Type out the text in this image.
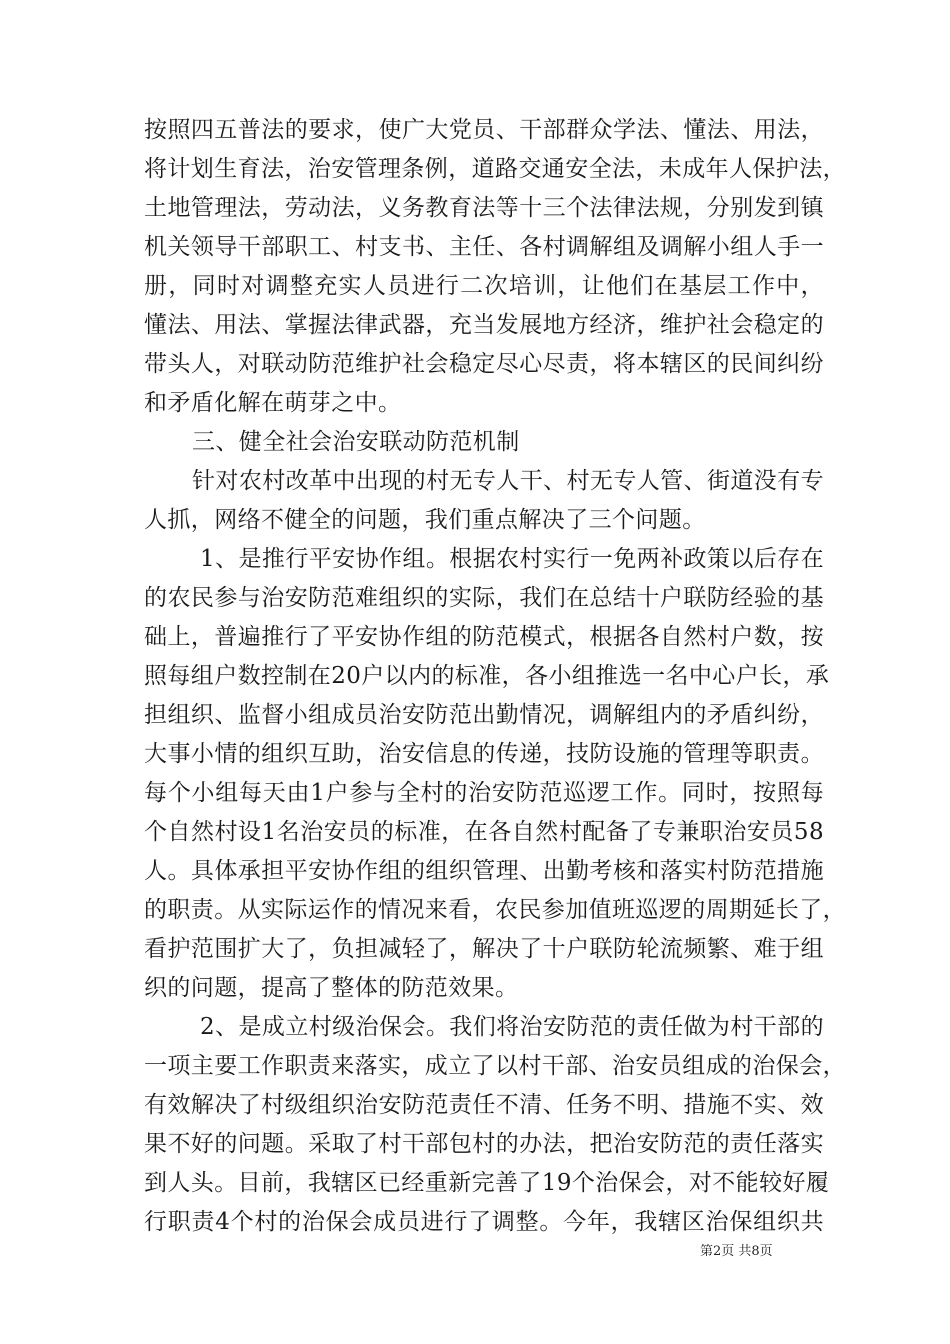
按照四五普法的要求，使广大党员、干部群众学法、懂法、用法，
将计划生育法，治安管理条例，道路交通安全法，未成年人保护法，
土地管理法，劳动法，义务教育法等十三个法律法规，分别发到镇
机关领导干部职工、村支书、主任、各村调解组及调解小组人手一
册，同时对调整充实人员进行二次培训，让他们在基层工作中，
懂法、用法、掌握法律武器，充当发展地方经济，维护社会稳定的
带头人，对联动防范维护社会稳定尽心尽责，将本辖区的民间纠纷
和矛盾化解在萌芽之中。
三、健全社会治安联动防范机制
针对农村改革中出现的村无专人干、村无专人管、街道没有专
人抓，网络不健全的问题，我们重点解决了三个问题。
1、是推行平安协作组。根据农村实行一免两补政策以后存在
的农民参与治安防范难组织的实际，我们在总结十户联防经验的基
础上，普遍推行了平安协作组的防范模式，根据各自然村户数，按
照每组户数控制在20户以内的标准，各小组推选一名中心户长，承
担组织、监督小组成员治安防范出勤情况，调解组内的矛盾纠纷，
大事小情的组织互助，治安信息的传递，技防设施的管理等职责。
每个小组每天由1户参与全村的治安防范巡逻工作。同时，按照每
个自然村设1名治安员的标准，在各自然村配备了专兼职治安员58
人。具体承担平安协作组的组织管理、出勤考核和落实村防范措施
的职责。从实际运作的情况来看，农民参加值班巡逻的周期延长了，
看护范围扩大了，负担减轻了，解决了十户联防轮流频繁、难于组
织的问题，提高了整体的防范效果。
2、是成立村级治保会。我们将治安防范的责任做为村干部的
一项主要工作职责来落实，成立了以村干部、治安员组成的治保会，
有效解决了村级组织治安防范责任不清、任务不明、措施不实、效
果不好的问题。采取了村干部包村的办法，把治安防范的责任落实
到人头。目前，我辖区已经重新完善了19个治保会，对不能较好履
行职责4个村的治保会成员进行了调整。今年，我辖区治保组织共
第2页 共8页
